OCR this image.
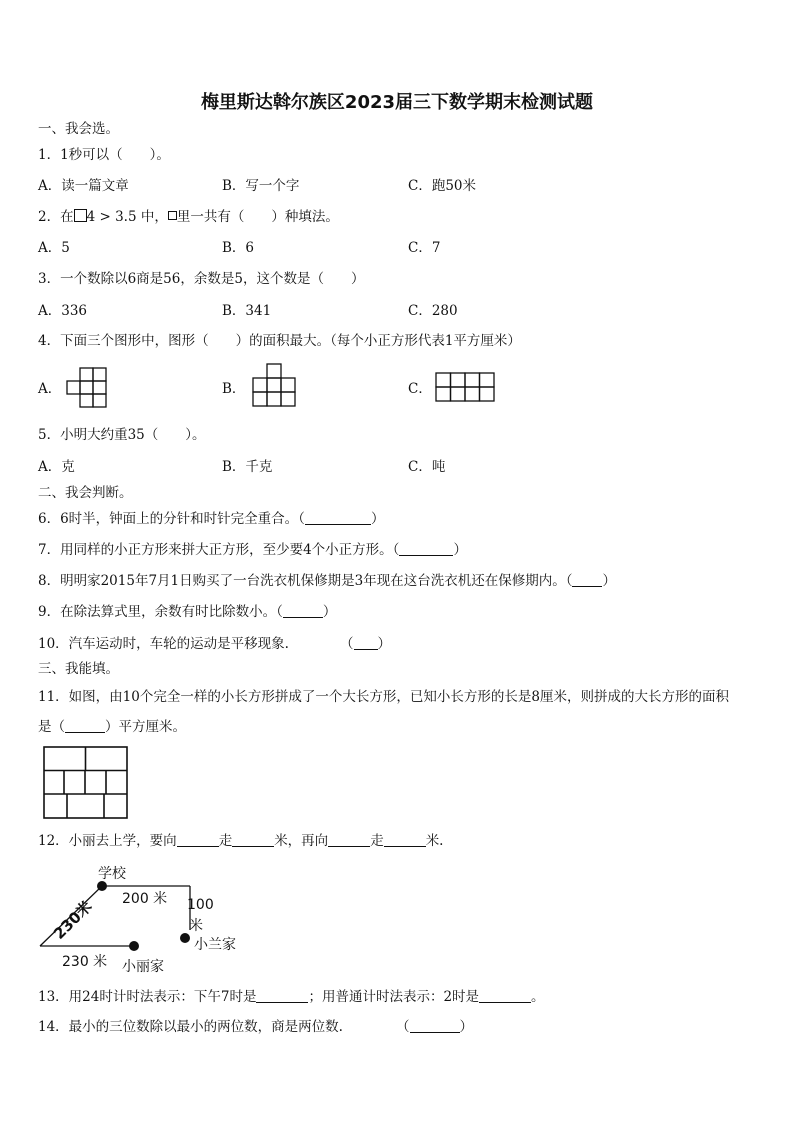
梅里斯达斡尔族区2023届三下数学期末检测试题
一、我会选。
1．1秒可以（　　）。
A．读一篇文章	B．写一个字	C．跑50米
2．在 4 > 3.5 中， 里一共有（　　）种填法。
A．5	B．6	C．7
3．一个数除以6商是56，余数是5，这个数是（　　）
A．336	B．341	C．280
4．下面三个图形中，图形（　　）的面积最大。（每个小正方形代表1平方厘米）
A．	B．	C．
5．小明大约重35（　　）。
A．克	B．千克	C．吨
二、我会判断。
6．6时半，钟面上的分针和时针完全重合。（	）
7．用同样的小正方形来拼大正方形，至少要4个小正方形。（	）
8．明明家2015年7月1日购买了一台洗衣机保修期是3年现在这台洗衣机还在保修期内。（ ）
9．在除法算式里，余数有时比除数小。（	）
10．汽车运动时，车轮的运动是平移现象.	（ ）
三、我能填。
11．如图，由10个完全一样的小长方形拼成了一个大长方形，已知小长方形的长是8厘米，则拼成的大长方形的面积
是（	）平方厘米。
12．小丽去上学，要向	走	米，再向	走	米.
学校
200 米 100
米
小兰家
230米
230 米 小丽家
13．用24时计时法表示：下午7时是	；用普通计时法表示：2时是	。
14．最小的三位数除以最小的两位数，商是两位数.	（	）
